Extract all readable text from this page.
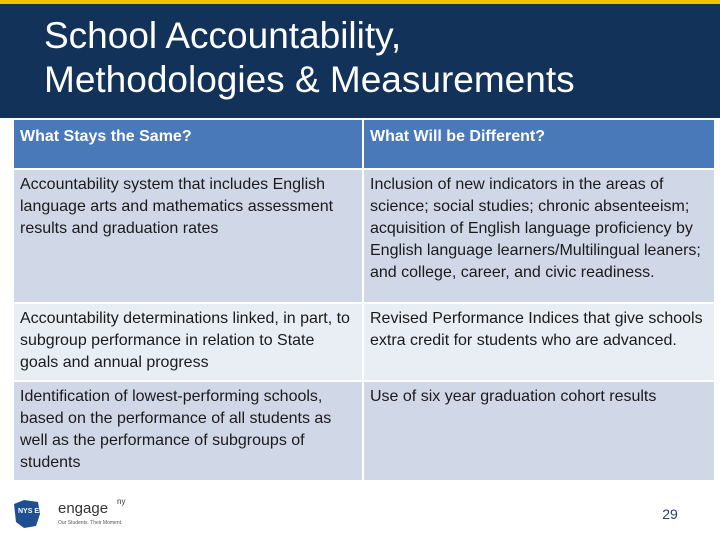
School Accountability,
Methodologies & Measurements
What Stays the Same?	What Will be Different?
Accountability system that includes English language arts and mathematics assessment results and graduation rates	Inclusion of new indicators in the areas of science; social studies; chronic absenteeism; acquisition of English language proficiency by English language learners/Multilingual leaners; and college, career, and civic readiness.
Accountability determinations linked, in part, to subgroup performance in relation to State goals and annual progress	Revised Performance Indices that give schools extra credit for students who are advanced.
Identification of lowest-performing schools, based on the performance of all students as well as the performance of subgroups of students	Use of six year graduation cohort results
NYS ED engage ny
Our Students. Their Moment.
29
